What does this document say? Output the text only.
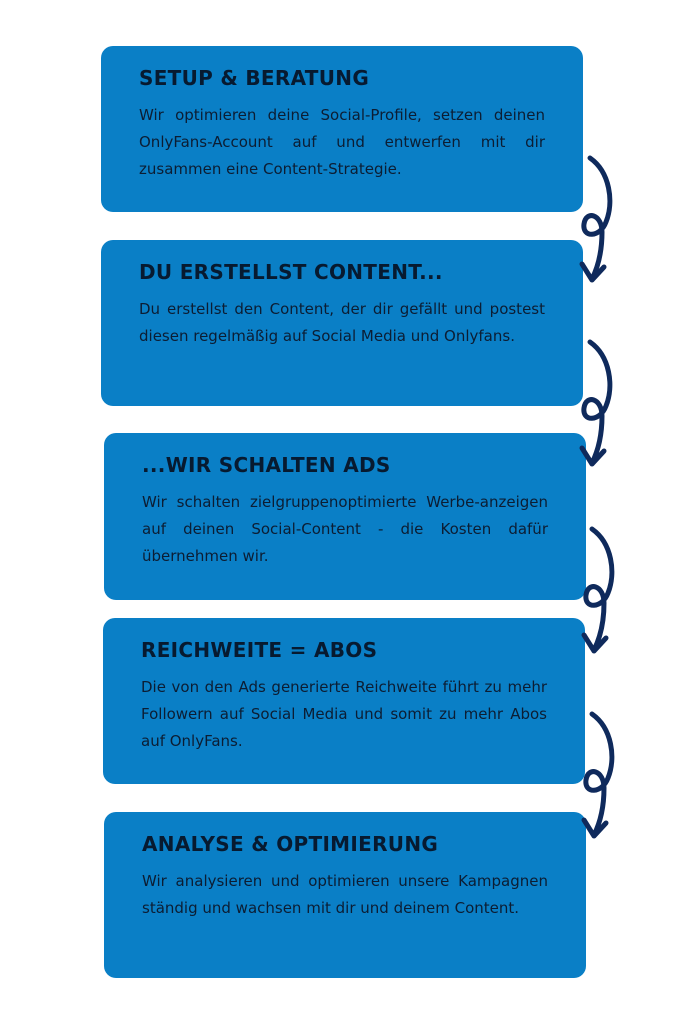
SETUP & BERATUNG

Wir optimieren deine Social-Profile, setzen deinen OnlyFans-Account auf und entwerfen mit dir zusammen eine Content-Strategie.

DU ERSTELLST CONTENT...

Du erstellst den Content, der dir gefällt und postest diesen regelmäßig auf Social Media und Onlyfans.

...WIR SCHALTEN ADS

Wir schalten zielgruppenoptimierte Werbe-anzeigen auf deinen Social-Content - die Kosten dafür übernehmen wir.

REICHWEITE = ABOS

Die von den Ads generierte Reichweite führt zu mehr Followern auf Social Media und somit zu mehr Abos auf OnlyFans.

ANALYSE & OPTIMIERUNG

Wir analysieren und optimieren unsere Kampagnen ständig und wachsen mit dir und deinem Content.
